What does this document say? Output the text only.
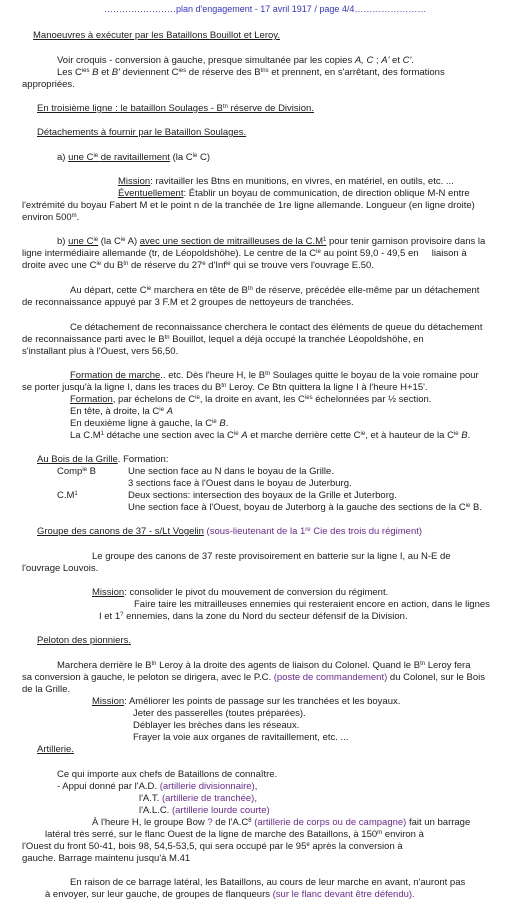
……………………plan d'engagement - 17 avril 1917 / page 4/4……………………
Manoeuvres à exécuter par les Bataillons Bouillot et Leroy.
Voir croquis - conversion à gauche, presque simultanée par les copies A, C ; A' et C'.
Les $C^{ies}$ B et B' deviennent $C^{ies}$ de réserve des $B^{tns}$ et prennent, en s'arrêtant, des formations
appropriées.
En troisième ligne : le bataillon Soulages - $B^{tn}$ réserve de Division.
Détachements à fournir par le Bataillon Soulages.
a) une $C^{ie}$ de ravitaillement (la $C^{ie}$ C)
Mission: ravitailler les Btns en munitions, en vivres, en matériel, en outils, etc. ...
Éventuellement: Établir un boyau de communication, de direction oblique M-N entre
l'extrémité du boyau Fabert M et le point n de la tranchée de 1re ligne allemande. Longueur (en ligne droite)
environ 500$^m$.
b) une $C^{ie}$ (la $C^{ie}$ A) avec une section de mitrailleuses de la $C.M^1$ pour tenir garnison provisoire dans la
ligne intermédiaire allemande (tr, de Léopoldshöhe). Le centre de la $C^{ie}$ au point 59,0 - 49,5 en liaison à
droite avec une $C^{ie}$ du $B^{tn}$ de réserve du 27e d'Inf$^{ie}$ qui se trouve vers l'ouvrage E.50.
Au départ, cette $C^{ie}$ marchera en tête de $B^{tn}$ de réserve, précédée elle-même par un détachement
de reconnaissance appuyé par 3 F.M et 2 groupes de nettoyeurs de tranchées.
Ce détachement de reconnaissance cherchera le contact des éléments de queue du détachement
de reconnaissance parti avec le $B^{tn}$ Bouillot, lequel a déjà occupé la tranchée Léopoldshöhe, en
s'installant plus à l'Ouest, vers 56,50.
Formation de marche.. etc. Dès l'heure H, le $B^{tn}$ Soulages quitte le boyau de la voie romaine pour
se porter jusqu'à la ligne I, dans les traces du $B^{tn}$ Leroy. Ce Btn quittera la ligne I à l'heure H+15'.
Formation, par échelons de $C^{ie}$, la droite en avant, les $C^{ies}$ échelonnées par ½ section.
En tête, à droite, la $C^{ie}$ A
En deuxième ligne à gauche, la $C^{ie}$ B.
La $C.M^1$ détache une section avec la $C^{ie}$ A et marche derrière cette $C^{ie}$, et à hauteur de la $C^{ie}$ B.
Au Bois de la Grille. Formation:
Comp$^{ie}$ B	Une section face au N dans le boyau de la Grille.
3 sections face à l'Ouest dans le boyau de Juterburg.
$C.M^1$	Deux sections: intersection des boyaux de la Grille et Juterborg.
Une section face à l'Ouest, boyau de Juterborg à la gauche des sections de la $C^{ie}$ B.
Groupe des canons de 37 - s/Lt Vogelin (sous-lieutenant de la 1re Cie des trois du régiment)
Le groupe des canons de 37 reste provisoirement en batterie sur la ligne I, au N-E de
l'ouvrage Louvois.
Mission: consolider le pivot du mouvement de conversion du régiment.
Faire taire les mitrailleuses ennemies qui resteraient encore en action, dans le lignes
I et 1? ennemies, dans la zone du Nord du secteur défensif de la Division.
Peloton des pionniers.
Marchera derrière le $B^{tn}$ Leroy à la droite des agents de liaison du Colonel. Quand le $B^{tn}$ Leroy fera
sa conversion à gauche, le peloton se dirigera, avec le P.C. (poste de commandement) du Colonel, sur le Bois
de la Grille.
Mission: Améliorer les points de passage sur les tranchées et les boyaux.
Jeter des passerelles (toutes préparées).
Déblayer les brèches dans les réseaux.
Frayer la voie aux organes de ravitaillement, etc. ...
Artillerie.
Ce qui importe aux chefs de Bataillons de connaître.
- Appui donné par l'A.D. (artillerie divisionnaire),
l'A.T. (artillerie de tranchée),
l'A.L.C. (artillerie lourde courte)
À l'heure H, le groupe Bow ? de $l'A.C^8$ (artillerie de corps ou de campagne) fait un barrage
latéral très serré, sur le flanc Ouest de la ligne de marche des Bataillons, à 150$^m$ environ à
l'Ouest du front 50-41, bois 98, 54,5-53,5, qui sera occupé par le 95e après la conversion à
gauche. Barrage maintenu jusqu'à M.41
En raison de ce barrage latéral, les Bataillons, au cours de leur marche en avant, n'auront pas
à envoyer, sur leur gauche, de groupes de flanqueurs (sur le flanc devant être défendu).
